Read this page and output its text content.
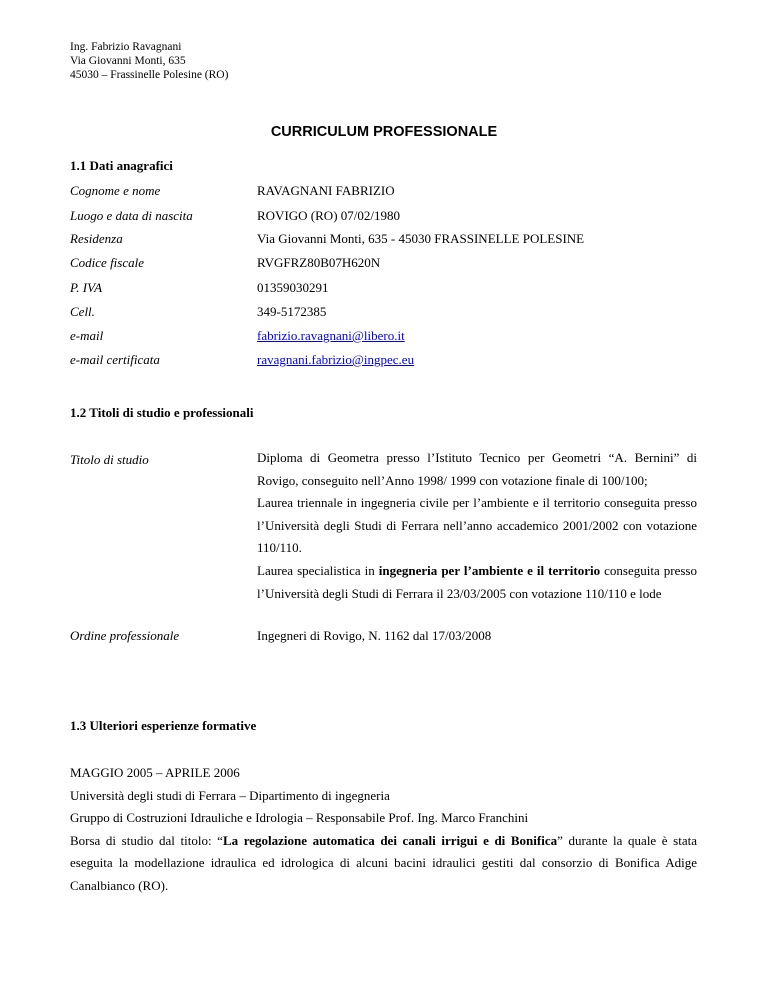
Ing. Fabrizio Ravagnani
Via Giovanni Monti, 635
45030 – Frassinelle Polesine (RO)
CURRICULUM PROFESSIONALE
1.1 Dati anagrafici
Cognome e nome	RAVAGNANI FABRIZIO
Luogo e data di nascita	ROVIGO (RO) 07/02/1980
Residenza	Via Giovanni Monti, 635 - 45030 FRASSINELLE POLESINE
Codice fiscale	RVGFRZ80B07H620N
P. IVA	01359030291
Cell.	349-5172385
e-mail	fabrizio.ravagnani@libero.it
e-mail certificata	ravagnani.fabrizio@ingpec.eu
1.2 Titoli di studio e professionali
Titolo di studio	Diploma di Geometra presso l’Istituto Tecnico per Geometri “A. Bernini” di Rovigo, conseguito nell’Anno 1998/ 1999 con votazione finale di 100/100;

Laurea triennale in ingegneria civile per l’ambiente e il territorio conseguita presso l’Università degli Studi di Ferrara nell’anno accademico 2001/2002 con votazione 110/110.

Laurea specialistica in ingegneria per l’ambiente e il territorio conseguita presso l’Università degli Studi di Ferrara il 23/03/2005 con votazione 110/110 e lode

Ordine professionale	Ingegneri di Rovigo, N. 1162 dal 17/03/2008
1.3 Ulteriori esperienze formative

MAGGIO 2005 – APRILE 2006

Università degli studi di Ferrara – Dipartimento di ingegneria

Gruppo di Costruzioni Idrauliche e Idrologia – Responsabile Prof. Ing. Marco Franchini

Borsa di studio dal titolo: “La regolazione automatica dei canali irrigui e di Bonifica” durante la quale è stata eseguita la modellazione idraulica ed idrologica di alcuni bacini idraulici gestiti dal consorzio di Bonifica Adige Canalbianco (RO).
